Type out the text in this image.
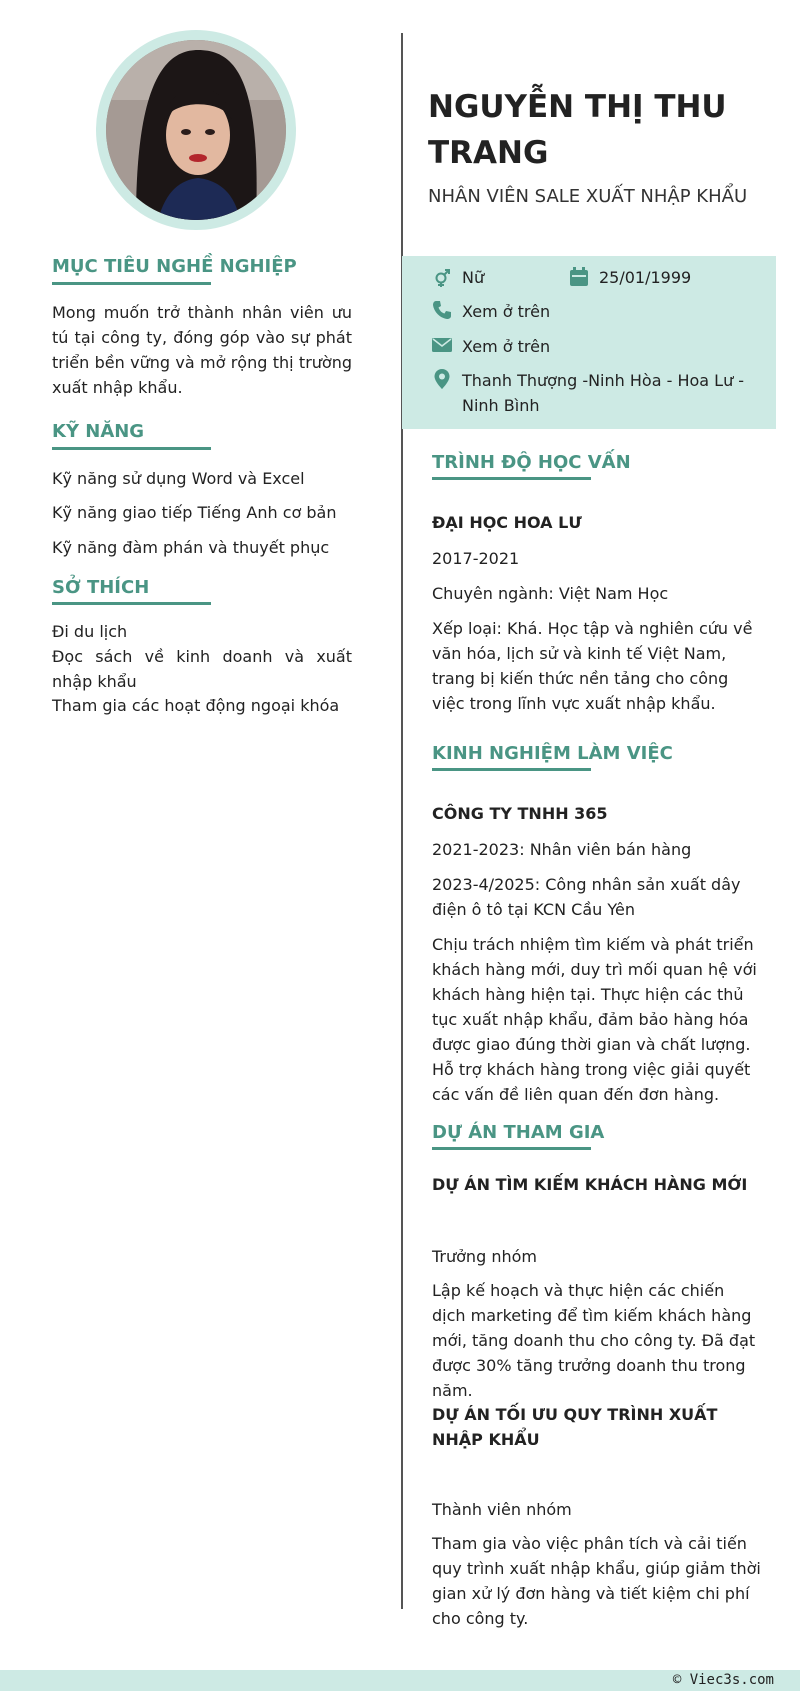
MỤC TIÊU NGHỀ NGHIỆP
Mong muốn trở thành nhân viên ưu tú tại công ty, đóng góp vào sự phát triển bền vững và mở rộng thị trường xuất nhập khẩu.
KỸ NĂNG
Kỹ năng sử dụng Word và Excel
Kỹ năng giao tiếp Tiếng Anh cơ bản
Kỹ năng đàm phán và thuyết phục
SỞ THÍCH
Đi du lịch
Đọc sách về kinh doanh và xuất nhập khẩu
Tham gia các hoạt động ngoại khóa
NGUYỄN THỊ THU TRANG
NHÂN VIÊN SALE XUẤT NHẬP KHẨU
Nữ	25/01/1999
Xem ở trên
Xem ở trên
Thanh Thượng -Ninh Hòa - Hoa Lư - Ninh Bình
TRÌNH ĐỘ HỌC VẤN
ĐẠI HỌC HOA LƯ
2017-2021
Chuyên ngành: Việt Nam Học
Xếp loại: Khá. Học tập và nghiên cứu về văn hóa, lịch sử và kinh tế Việt Nam, trang bị kiến thức nền tảng cho công việc trong lĩnh vực xuất nhập khẩu.
KINH NGHIỆM LÀM VIỆC
CÔNG TY TNHH 365
2021-2023: Nhân viên bán hàng
2023-4/2025: Công nhân sản xuất dây điện ô tô tại KCN Cầu Yên
Chịu trách nhiệm tìm kiếm và phát triển khách hàng mới, duy trì mối quan hệ với khách hàng hiện tại. Thực hiện các thủ tục xuất nhập khẩu, đảm bảo hàng hóa được giao đúng thời gian và chất lượng. Hỗ trợ khách hàng trong việc giải quyết các vấn đề liên quan đến đơn hàng.
DỰ ÁN THAM GIA
DỰ ÁN TÌM KIẾM KHÁCH HÀNG MỚI
Trưởng nhóm
Lập kế hoạch và thực hiện các chiến dịch marketing để tìm kiếm khách hàng mới, tăng doanh thu cho công ty. Đã đạt được 30% tăng trưởng doanh thu trong năm.
DỰ ÁN TỐI ƯU QUY TRÌNH XUẤT NHẬP KHẨU
Thành viên nhóm
Tham gia vào việc phân tích và cải tiến quy trình xuất nhập khẩu, giúp giảm thời gian xử lý đơn hàng và tiết kiệm chi phí cho công ty.
© Viec3s.com
